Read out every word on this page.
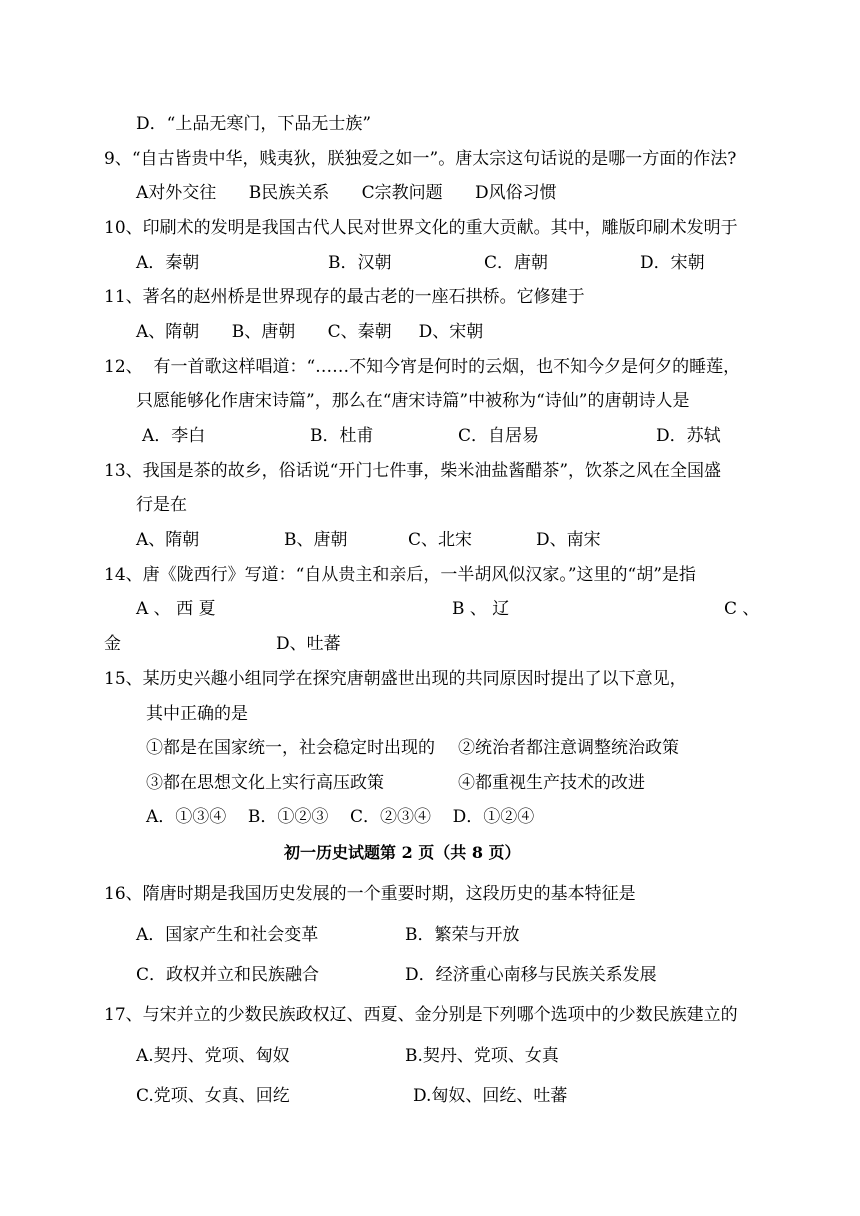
D．“上品无寒门，下品无士族”
9、“自古皆贵中华，贱夷狄，朕独爱之如一”。唐太宗这句话说的是哪一方面的作法?
A对外交往      B民族关系      C宗教问题      D风俗习惯
10、印刷术的发明是我国古代人民对世界文化的重大贡献。其中，雕版印刷术发明于
A．秦朝	B．汉朝	C．唐朝	D．宋朝
11、著名的赵州桥是世界现存的最古老的一座石拱桥。它修建于
A、隋朝      B、唐朝      C、秦朝     D、宋朝
12、  有一首歌这样唱道：“……不知今宵是何时的云烟，也不知今夕是何夕的睡莲，
只愿能够化作唐宋诗篇”，那么在“唐宋诗篇”中被称为“诗仙”的唐朝诗人是
A．李白	B．杜甫	C．自居易	D．苏轼
13、我国是茶的故乡，俗话说“开门七件事，柴米油盐酱醋茶”，饮茶之风在全国盛
行是在
A、隋朝	B、唐朝	C、北宋	D、南宋
14、唐《陇西行》写道：“自从贵主和亲后，一半胡风似汉家。”这里的“胡”是指
A 、 西 夏	B 、 辽	C 、
金	D、吐蕃
15、某历史兴趣小组同学在探究唐朝盛世出现的共同原因时提出了以下意见，
其中正确的是
①都是在国家统一，社会稳定时出现的 ②统治者都注意调整统治政策
③都在思想文化上实行高压政策	④都重视生产技术的改进
A．①③④    B．①②③    C．②③④    D．①②④
初一历史试题第 2 页（共 8 页）
16、隋唐时期是我国历史发展的一个重要时期，这段历史的基本特征是
A．国家产生和社会变革	B．繁荣与开放
C．政权并立和民族融合	D．经济重心南移与民族关系发展
17、与宋并立的少数民族政权辽、西夏、金分别是下列哪个选项中的少数民族建立的
A.契丹、党项、匈奴	B.契丹、党项、女真
C.党项、女真、回纥	D.匈奴、回纥、吐蕃
